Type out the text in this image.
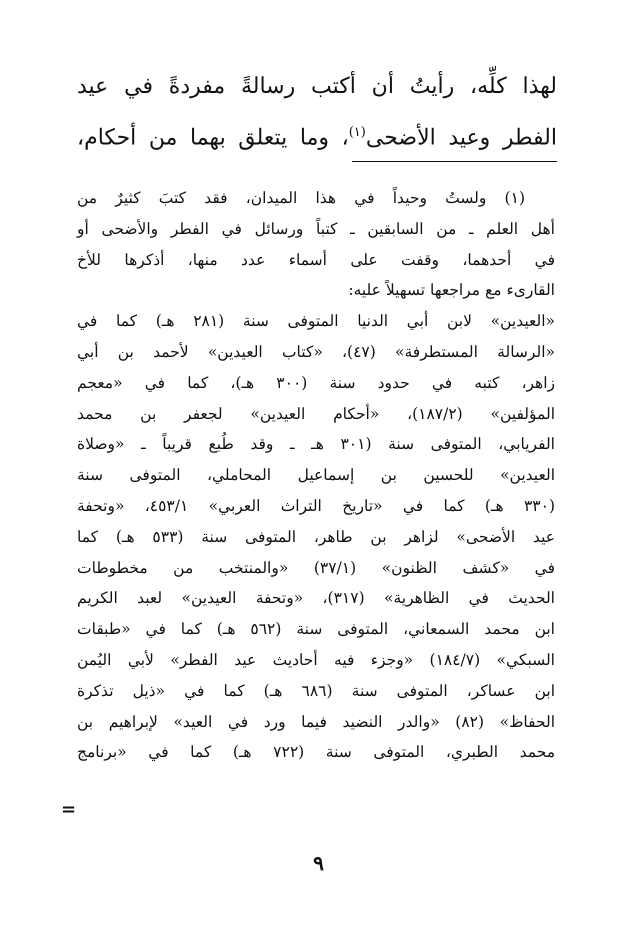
لهذا كلِّه، رأيتُ أن أكتب رسالةً مفردةً في عيد
الفطر وعيد الأضحى$^{(١)}$، وما يتعلق بهما من أحكام،
(١) ولستُ وحيداً في هذا الميدان، فقد كتبَ كثيرٌ من
أهل العلم ـ من السابقين ـ كتباً ورسائل في الفطر والأضحى أو
في أحدهما، وقفت على أسماء عدد منها، أذكرها للأخ
القارىء مع مراجعها تسهيلاً عليه:
«العيدين» لابن أبي الدنيا المتوفى سنة (٢٨١ هـ) كما في
«الرسالة المستطرفة» (٤٧)، «كتاب العيدين» لأحمد بن أبي
زاهر، كتبه في حدود سنة (٣٠٠ هـ)، كما في «معجم
المؤلفين» (١٨٧/٢)، «أحكام العيدين» لجعفر بن محمد
الفريابي، المتوفى سنة (٣٠١ هـ ـ وقد طُبع قريباً ـ «وصلاة
العيدين» للحسين بن إسماعيل المحاملي، المتوفى سنة
(٣٣٠ هـ) كما في «تاريخ التراث العربي» ٤٥٣/١، «وتحفة
عيد الأضحى» لزاهر بن طاهر، المتوفى سنة (٥٣٣ هـ) كما
في «كشف الظنون» (٣٧/١) «والمنتخب من مخطوطات
الحديث في الظاهرية» (٣١٧)، «وتحفة العيدين» لعبد الكريم
ابن محمد السمعاني، المتوفى سنة (٥٦٢ هـ) كما في «طبقات
السبكي» (١٨٤/٧) «وجزء فيه أحاديث عيد الفطر» لأبي اليُمن
ابن عساكر، المتوفى سنة (٦٨٦ هـ) كما في «ذيل تذكرة
الحفاظ» (٨٢) «والدر النضيد فيما ورد في العيد» لإبراهيم بن
محمد الطبري، المتوفى سنة (٧٢٢ هـ) كما في «برنامج
=
٩
